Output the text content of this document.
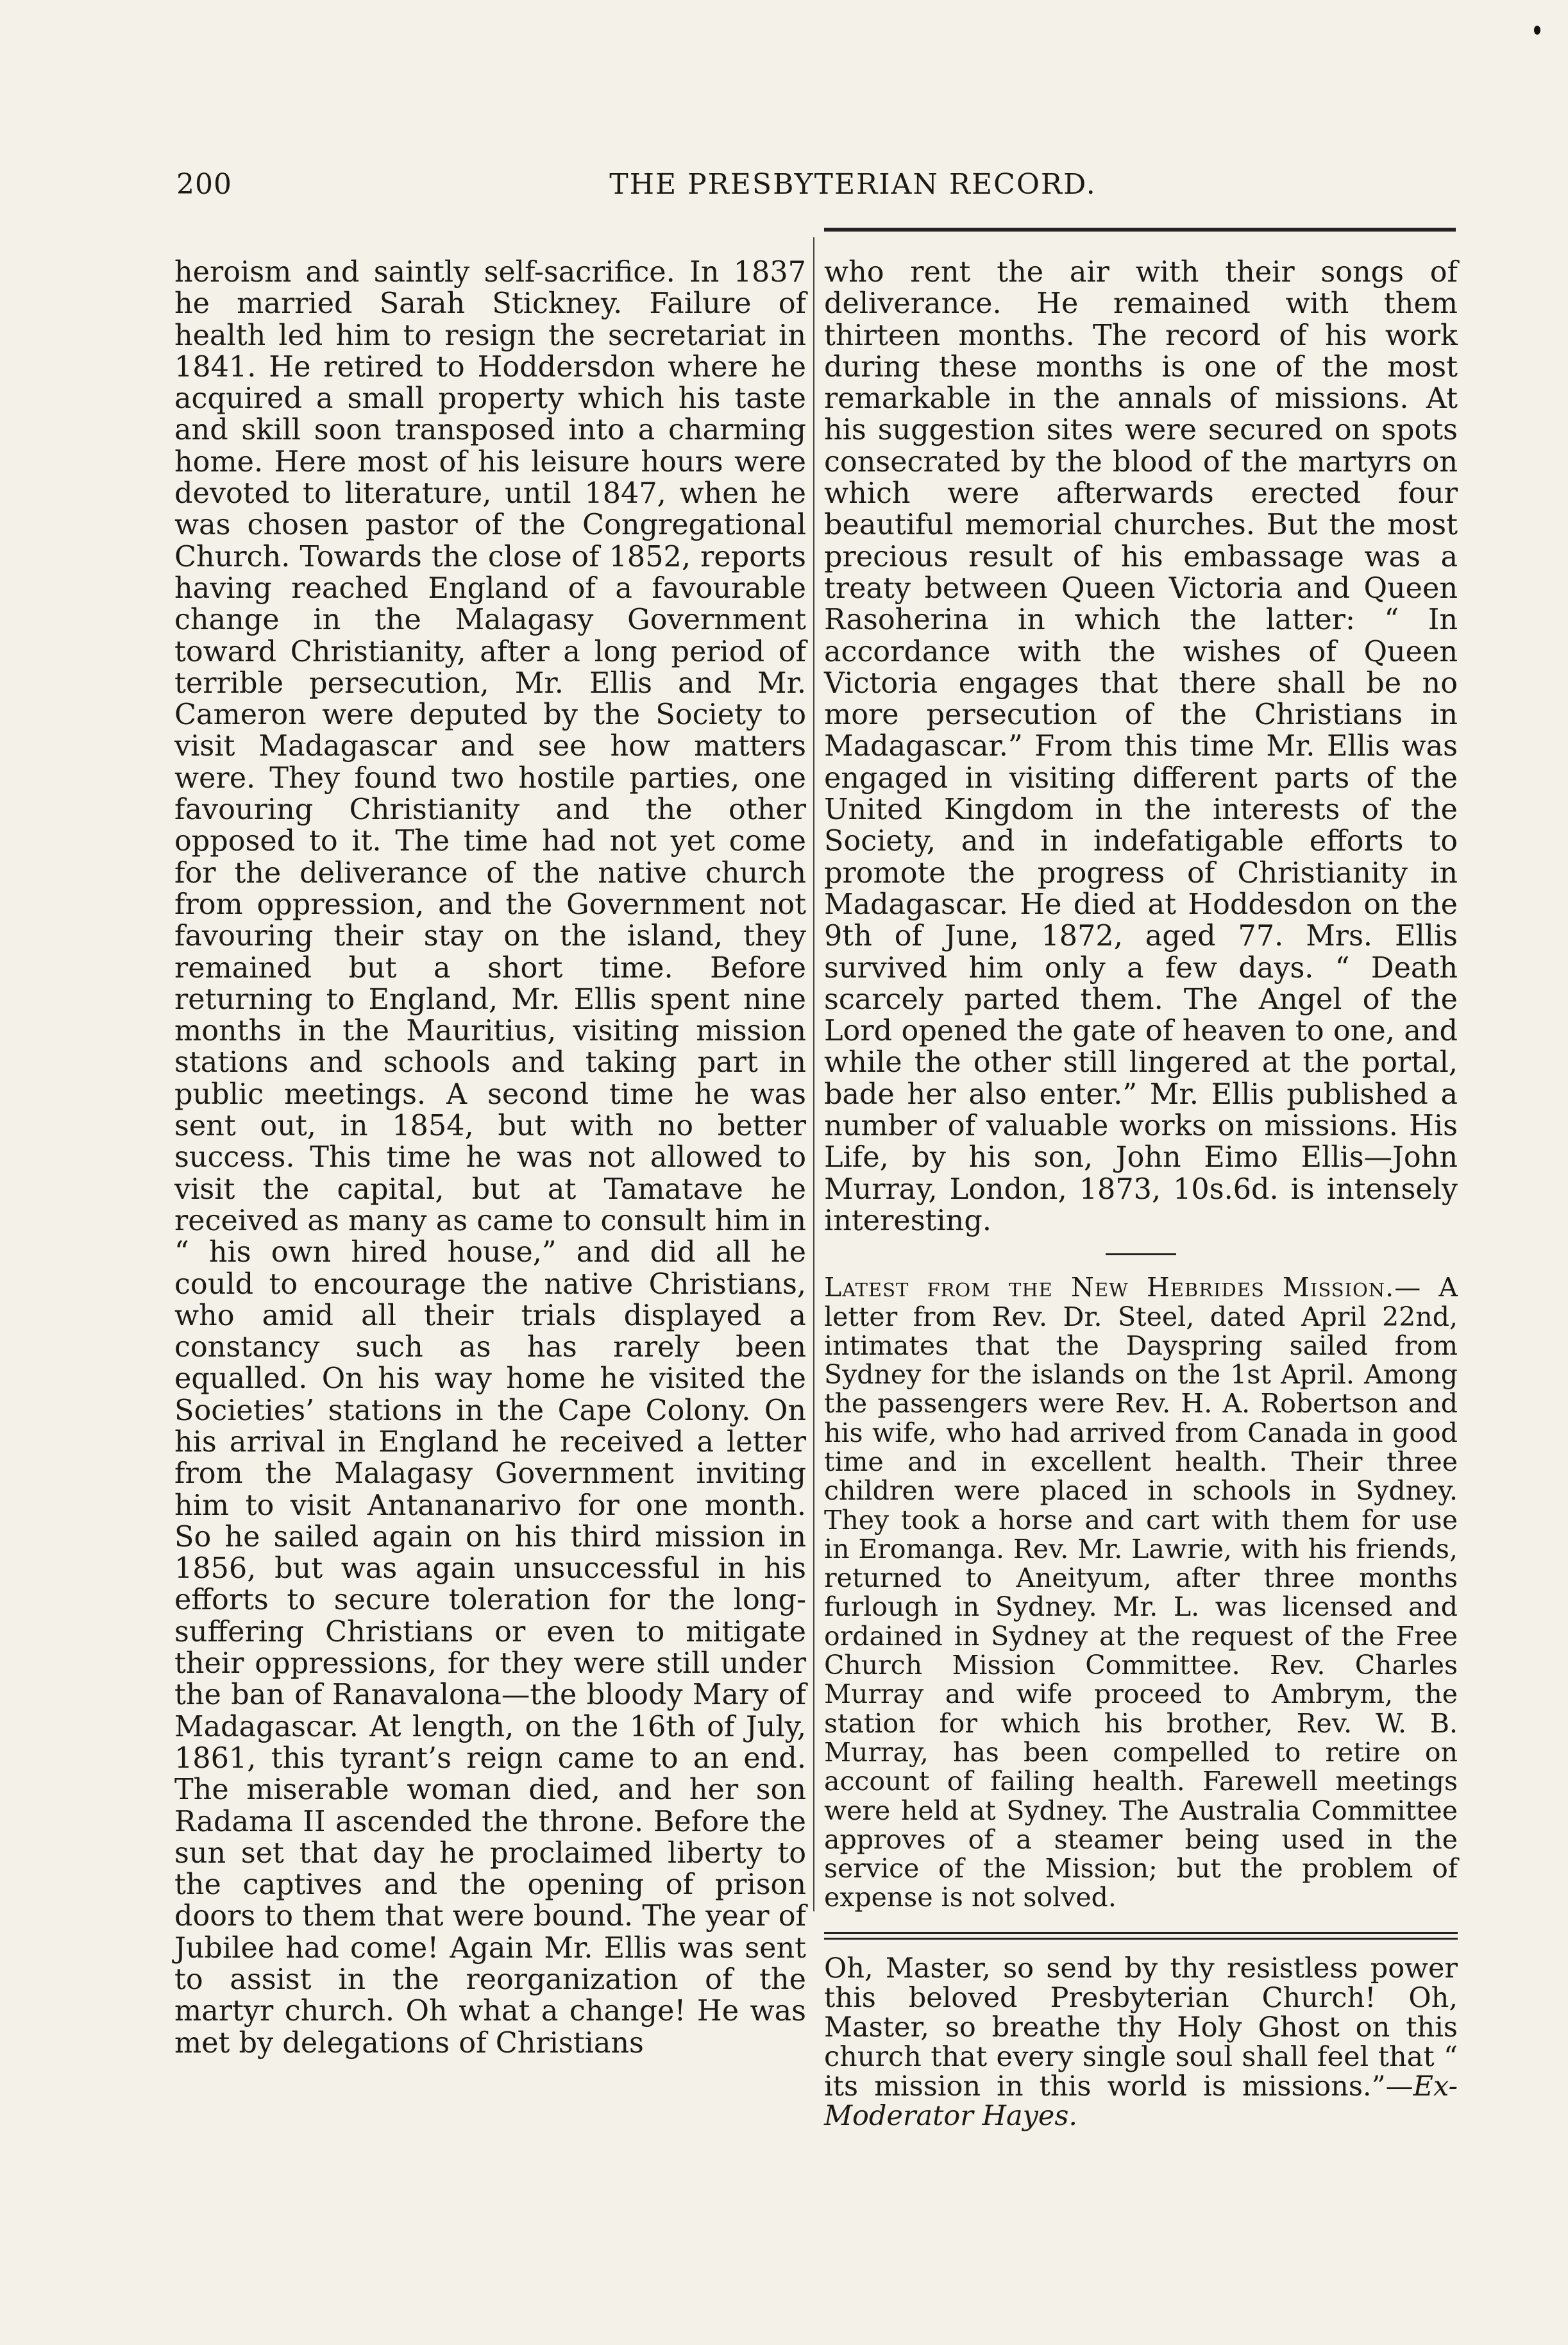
200	THE PRESBYTERIAN RECORD.

heroism and saintly self-sacrifice. In 1837 he married Sarah Stickney. Failure of health led him to resign the secretariat in 1841. He retired to Hoddersdon where he acquired a small property which his taste and skill soon transposed into a charming home. Here most of his leisure hours were devoted to literature, until 1847, when he was chosen pastor of the Congregational Church. Towards the close of 1852, reports having reached England of a favourable change in the Malagasy Government toward Christianity, after a long period of terrible persecution, Mr. Ellis and Mr. Cameron were deputed by the Society to visit Madagascar and see how matters were. They found two hostile parties, one favouring Christianity and the other opposed to it. The time had not yet come for the deliverance of the native church from oppression, and the Government not favouring their stay on the island, they remained but a short time. Before returning to England, Mr. Ellis spent nine months in the Mauritius, visiting mission stations and schools and taking part in public meetings. A second time he was sent out, in 1854, but with no better success. This time he was not allowed to visit the capital, but at Tamatave he received as many as came to consult him in “ his own hired house,” and did all he could to encourage the native Christians, who amid all their trials displayed a constancy such as has rarely been equalled. On his way home he visited the Societies’ stations in the Cape Colony. On his arrival in England he received a letter from the Malagasy Government inviting him to visit Antananarivo for one month. So he sailed again on his third mission in 1856, but was again unsuccessful in his efforts to secure toleration for the long-suffering Christians or even to mitigate their oppressions, for they were still under the ban of Ranavalona—the bloody Mary of Madagascar. At length, on the 16th of July, 1861, this tyrant’s reign came to an end. The miserable woman died, and her son Radama II ascended the throne. Before the sun set that day he proclaimed liberty to the captives and the opening of prison doors to them that were bound. The year of Jubilee had come! Again Mr. Ellis was sent to assist in the reorganization of the martyr church. Oh what a change! He was met by delegations of Christians

who rent the air with their songs of deliverance. He remained with them thirteen months. The record of his work during these months is one of the most remarkable in the annals of missions. At his suggestion sites were secured on spots consecrated by the blood of the martyrs on which were afterwards erected four beautiful memorial churches. But the most precious result of his embassage was a treaty between Queen Victoria and Queen Rasoherina in which the latter: “ In accordance with the wishes of Queen Victoria engages that there shall be no more persecution of the Christians in Madagascar.” From this time Mr. Ellis was engaged in visiting different parts of the United Kingdom in the interests of the Society, and in indefatigable efforts to promote the progress of Christianity in Madagascar. He died at Hoddesdon on the 9th of June, 1872, aged 77. Mrs. Ellis survived him only a few days. “ Death scarcely parted them. The Angel of the Lord opened the gate of heaven to one, and while the other still lingered at the portal, bade her also enter.” Mr. Ellis published a number of valuable works on missions. His Life, by his son, John Eimo Ellis—John Murray, London, 1873, 10s.6d. is intensely interesting.

Latest from the New Hebrides Mission.— A letter from Rev. Dr. Steel, dated April 22nd, intimates that the Dayspring sailed from Sydney for the islands on the 1st April. Among the passengers were Rev. H. A. Robertson and his wife, who had arrived from Canada in good time and in excellent health. Their three children were placed in schools in Sydney. They took a horse and cart with them for use in Eromanga. Rev. Mr. Lawrie, with his friends, returned to Aneityum, after three months furlough in Sydney. Mr. L. was licensed and ordained in Sydney at the request of the Free Church Mission Committee. Rev. Charles Murray and wife proceed to Ambrym, the station for which his brother, Rev. W. B. Murray, has been compelled to retire on account of failing health. Farewell meetings were held at Sydney. The Australia Committee approves of a steamer being used in the service of the Mission; but the problem of expense is not solved.

Oh, Master, so send by thy resistless power this beloved Presbyterian Church! Oh, Master, so breathe thy Holy Ghost on this church that every single soul shall feel that “ its mission in this world is missions.”—Ex-Moderator Hayes.
